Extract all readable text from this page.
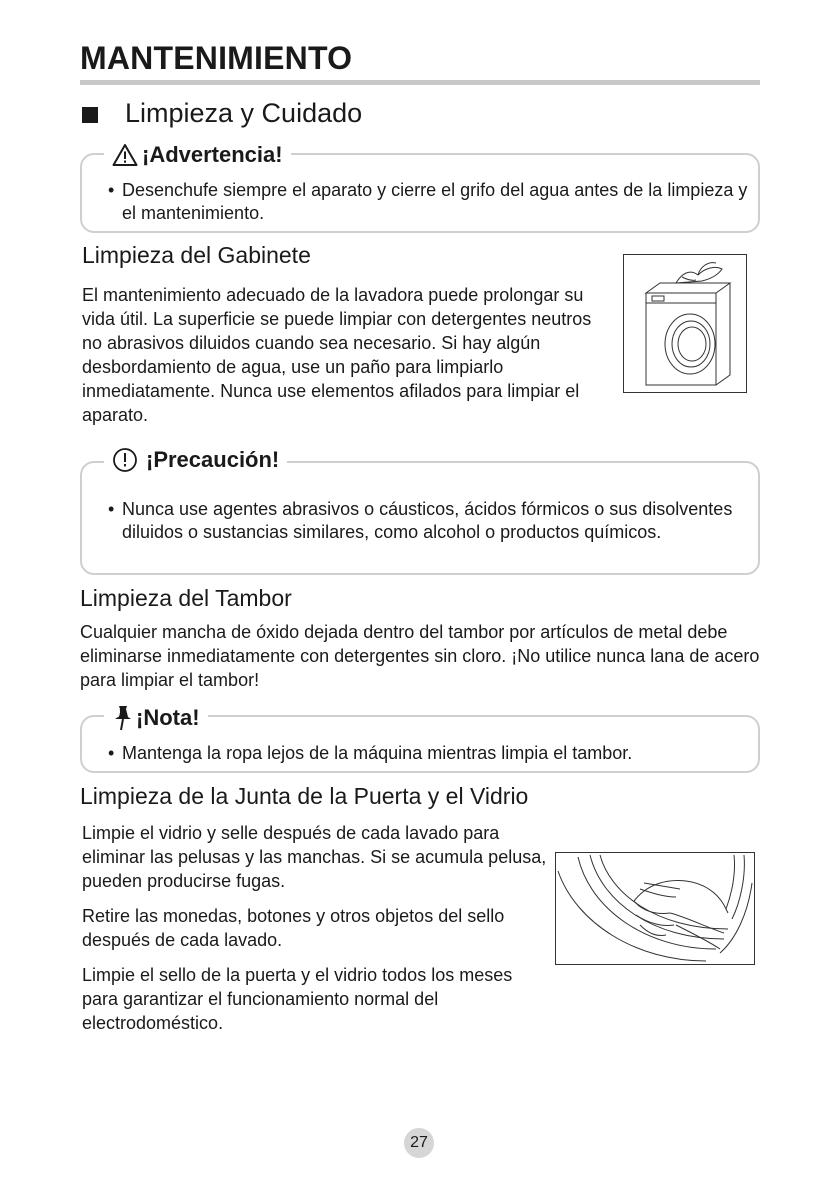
MANTENIMIENTO
Limpieza y Cuidado
• Desenchufe siempre el aparato y cierre el grifo del agua antes de la limpieza y el mantenimiento.
¡Advertencia!
Limpieza del Gabinete

El mantenimiento adecuado de la lavadora puede prolongar su vida útil. La superficie se puede limpiar con detergentes neutros no abrasivos diluidos cuando sea necesario. Si hay algún desbordamiento de agua, use un paño para limpiarlo inmediatamente. Nunca use elementos afilados para limpiar el aparato.

• Nunca use agentes abrasivos o cáusticos, ácidos fórmicos o sus disolventes diluidos o sustancias similares, como alcohol o productos químicos.
¡Precaución!
Limpieza del Tambor

Cualquier mancha de óxido dejada dentro del tambor por artículos de metal debe eliminarse inmediatamente con detergentes sin cloro. ¡No utilice nunca lana de acero para limpiar el tambor!

• Mantenga la ropa lejos de la máquina mientras limpia el tambor.
¡Nota!
Limpieza de la Junta de la Puerta y el Vidrio

Limpie el vidrio y selle después de cada lavado para eliminar las pelusas y las manchas. Si se acumula pelusa, pueden producirse fugas.

Retire las monedas, botones y otros objetos del sello después de cada lavado.

Limpie el sello de la puerta y el vidrio todos los meses para garantizar el funcionamiento normal del electrodoméstico.

27
